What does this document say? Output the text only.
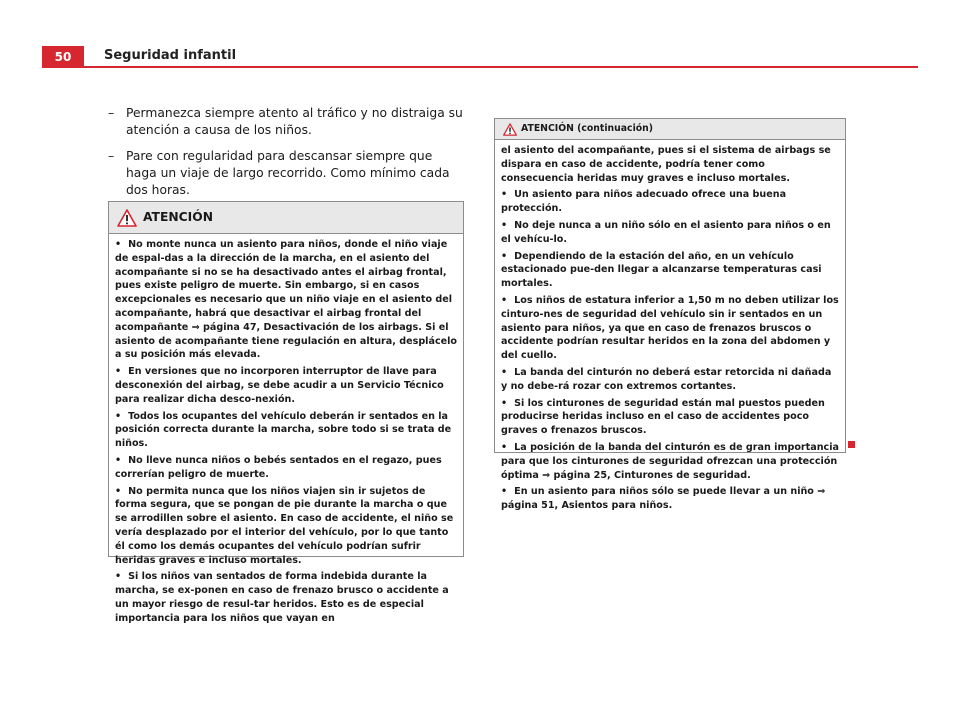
50	Seguridad infantil
– Permanezca siempre atento al tráfico y no distraiga su atención a causa de los niños.
– Pare con regularidad para descansar siempre que haga un viaje de largo recorrido. Como mínimo cada dos horas.
ATENCIÓN

• No monte nunca un asiento para niños, donde el niño viaje de espal-das a la dirección de la marcha, en el asiento del acompañante si no se ha desactivado antes el airbag frontal, pues existe peligro de muerte. Sin embargo, si en casos excepcionales es necesario que un niño viaje en el asiento del acompañante, habrá que desactivar el airbag frontal del acompañante ⇒ página 47, Desactivación de los airbags. Si el asiento de acompañante tiene regulación en altura, desplácelo a su posición más elevada.

• En versiones que no incorporen interruptor de llave para desconexión del airbag, se debe acudir a un Servicio Técnico para realizar dicha desco-nexión.

• Todos los ocupantes del vehículo deberán ir sentados en la posición correcta durante la marcha, sobre todo si se trata de niños.

• No lleve nunca niños o bebés sentados en el regazo, pues correrían peligro de muerte.

• No permita nunca que los niños viajen sin ir sujetos de forma segura, que se pongan de pie durante la marcha o que se arrodillen sobre el asiento. En caso de accidente, el niño se vería desplazado por el interior del vehículo, por lo que tanto él como los demás ocupantes del vehículo podrían sufrir heridas graves e incluso mortales.

• Si los niños van sentados de forma indebida durante la marcha, se ex-ponen en caso de frenazo brusco o accidente a un mayor riesgo de resul-tar heridos. Esto es de especial importancia para los niños que vayan en

ATENCIÓN (continuación)

el asiento del acompañante, pues si el sistema de airbags se dispara en caso de accidente, podría tener como consecuencia heridas muy graves e incluso mortales.

• Un asiento para niños adecuado ofrece una buena protección.

• No deje nunca a un niño sólo en el asiento para niños o en el vehícu-lo.

• Dependiendo de la estación del año, en un vehículo estacionado pue-den llegar a alcanzarse temperaturas casi mortales.

• Los niños de estatura inferior a 1,50 m no deben utilizar los cinturo-nes de seguridad del vehículo sin ir sentados en un asiento para niños, ya que en caso de frenazos bruscos o accidente podrían resultar heridos en la zona del abdomen y del cuello.

• La banda del cinturón no deberá estar retorcida ni dañada y no debe-rá rozar con extremos cortantes.

• Si los cinturones de seguridad están mal puestos pueden producirse heridas incluso en el caso de accidentes poco graves o frenazos bruscos.

• La posición de la banda del cinturón es de gran importancia para que los cinturones de seguridad ofrezcan una protección óptima ⇒ página 25, Cinturones de seguridad.

• En un asiento para niños sólo se puede llevar a un niño ⇒ página 51, Asientos para niños.
